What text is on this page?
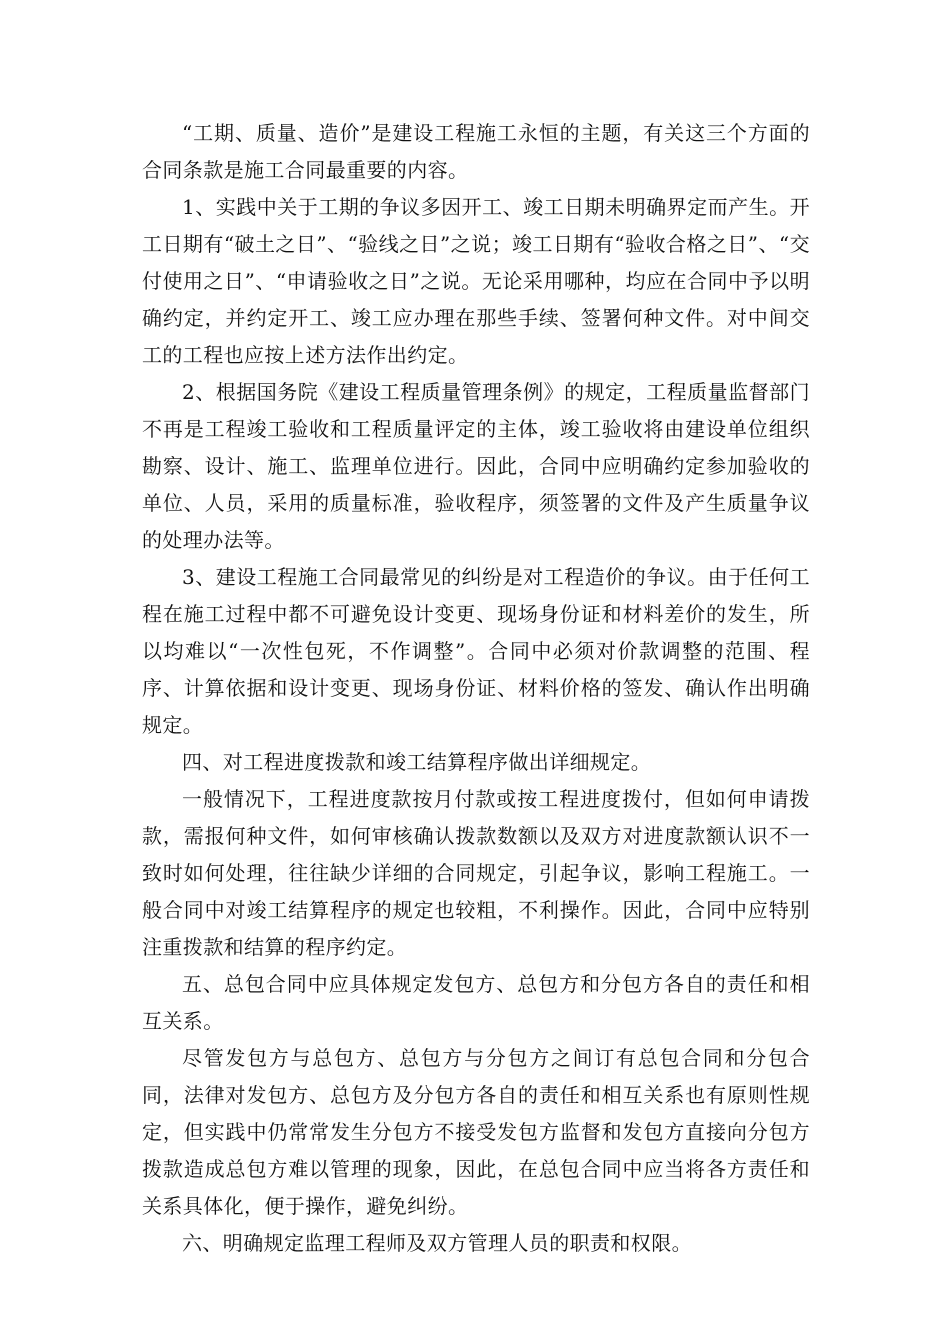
“工期、质量、造价”是建设工程施工永恒的主题，有关这三个方面的合同条款是施工合同最重要的内容。

1、实践中关于工期的争议多因开工、竣工日期未明确界定而产生。开工日期有“破土之日”、“验线之日”之说；竣工日期有“验收合格之日”、“交付使用之日”、“申请验收之日”之说。无论采用哪种，均应在合同中予以明确约定，并约定开工、竣工应办理在那些手续、签署何种文件。对中间交工的工程也应按上述方法作出约定。

2、根据国务院《建设工程质量管理条例》的规定，工程质量监督部门不再是工程竣工验收和工程质量评定的主体，竣工验收将由建设单位组织勘察、设计、施工、监理单位进行。因此，合同中应明确约定参加验收的单位、人员，采用的质量标准，验收程序，须签署的文件及产生质量争议的处理办法等。

3、建设工程施工合同最常见的纠纷是对工程造价的争议。由于任何工程在施工过程中都不可避免设计变更、现场身份证和材料差价的发生，所以均难以“一次性包死，不作调整”。合同中必须对价款调整的范围、程序、计算依据和设计变更、现场身份证、材料价格的签发、确认作出明确规定。

四、对工程进度拨款和竣工结算程序做出详细规定。

一般情况下，工程进度款按月付款或按工程进度拨付，但如何申请拨款，需报何种文件，如何审核确认拨款数额以及双方对进度款额认识不一致时如何处理，往往缺少详细的合同规定，引起争议，影响工程施工。一般合同中对竣工结算程序的规定也较粗，不利操作。因此，合同中应特别注重拨款和结算的程序约定。

五、总包合同中应具体规定发包方、总包方和分包方各自的责任和相互关系。

尽管发包方与总包方、总包方与分包方之间订有总包合同和分包合同，法律对发包方、总包方及分包方各自的责任和相互关系也有原则性规定，但实践中仍常常发生分包方不接受发包方监督和发包方直接向分包方拨款造成总包方难以管理的现象，因此，在总包合同中应当将各方责任和关系具体化，便于操作，避免纠纷。

六、明确规定监理工程师及双方管理人员的职责和权限。
